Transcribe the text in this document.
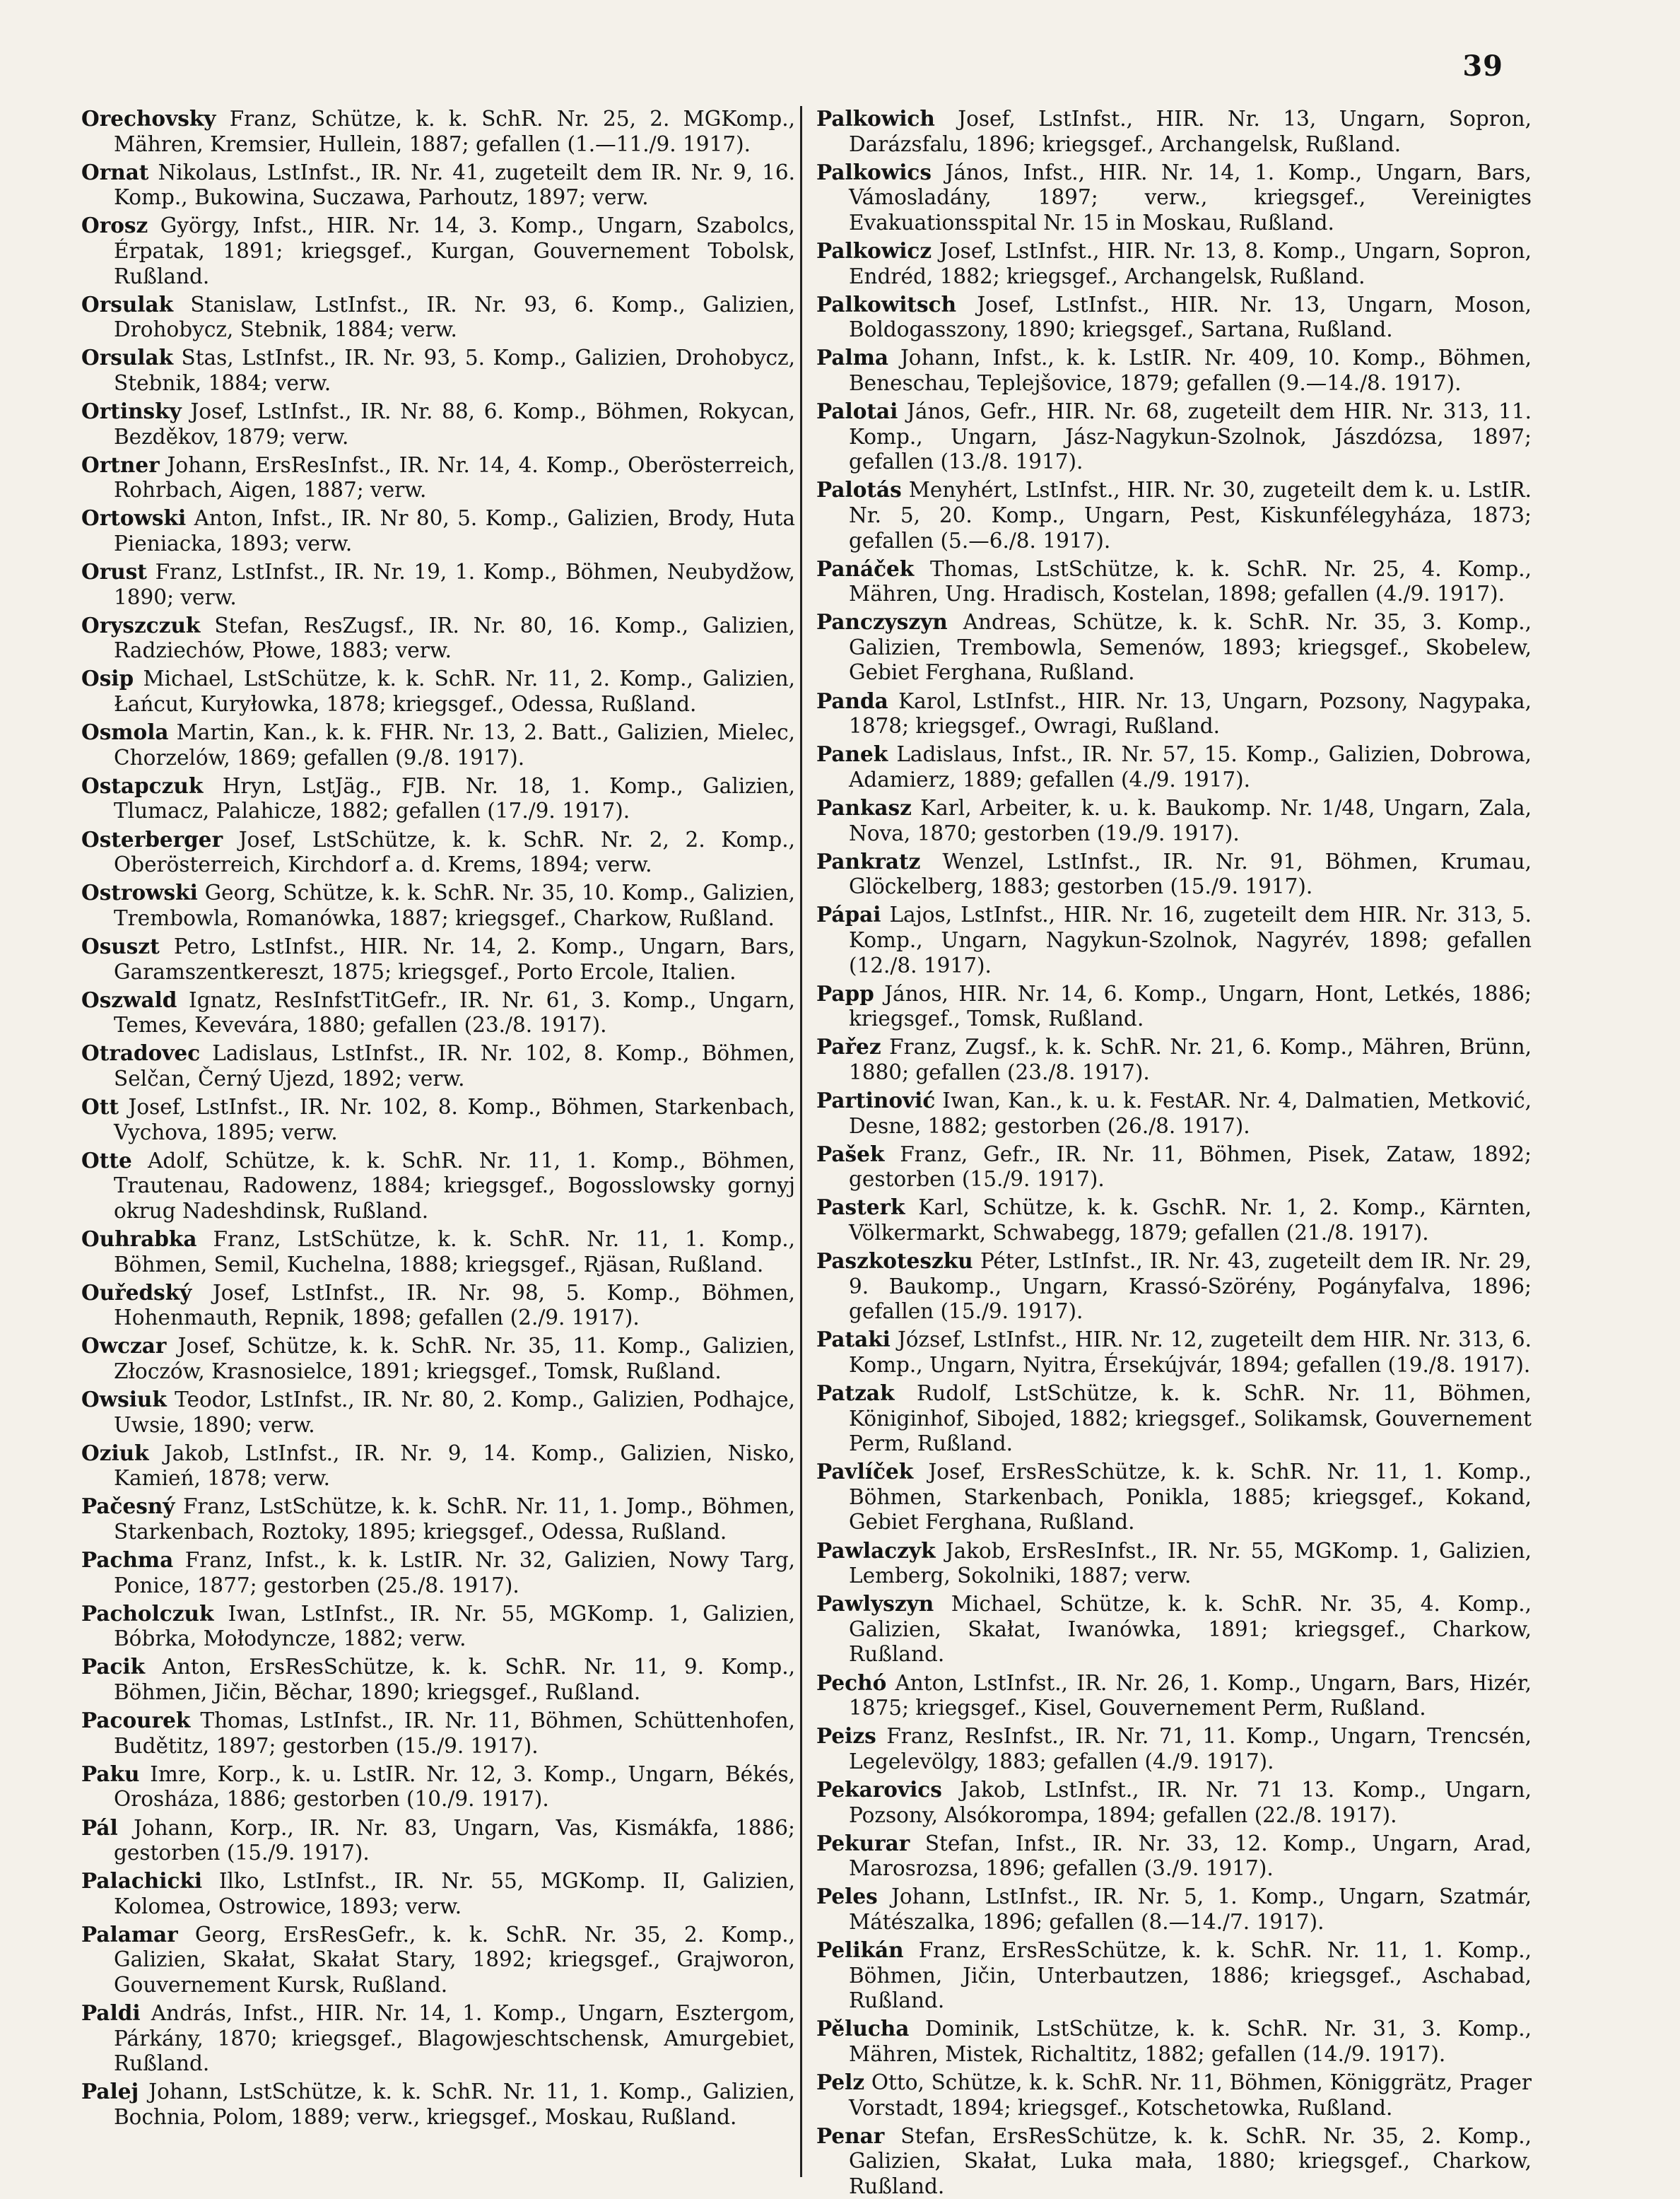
39

Orechovsky Franz, Schütze, k. k. SchR. Nr. 25, 2. MGKomp., Mähren, Kremsier, Hullein, 1887; gefallen (1.—11./9. 1917).

Ornat Nikolaus, LstInfst., IR. Nr. 41, zugeteilt dem IR. Nr. 9, 16. Komp., Bukowina, Suczawa, Parhoutz, 1897; verw.

Orosz György, Infst., HIR. Nr. 14, 3. Komp., Ungarn, Szabolcs, Érpatak, 1891; kriegsgef., Kurgan, Gouvernement Tobolsk, Rußland.

Orsulak Stanislaw, LstInfst., IR. Nr. 93, 6. Komp., Galizien, Drohobycz, Stebnik, 1884; verw.

Orsulak Stas, LstInfst., IR. Nr. 93, 5. Komp., Galizien, Drohobycz, Stebnik, 1884; verw.

Ortinsky Josef, LstInfst., IR. Nr. 88, 6. Komp., Böhmen, Rokycan, Bezděkov, 1879; verw.

Ortner Johann, ErsResInfst., IR. Nr. 14, 4. Komp., Oberösterreich, Rohrbach, Aigen, 1887; verw.

Ortowski Anton, Infst., IR. Nr 80, 5. Komp., Galizien, Brody, Huta Pieniacka, 1893; verw.

Orust Franz, LstInfst., IR. Nr. 19, 1. Komp., Böhmen, Neubydžow, 1890; verw.

Oryszczuk Stefan, ResZugsf., IR. Nr. 80, 16. Komp., Galizien, Radziechów, Płowe, 1883; verw.

Osip Michael, LstSchütze, k. k. SchR. Nr. 11, 2. Komp., Galizien, Łańcut, Kuryłowka, 1878; kriegsgef., Odessa, Rußland.

Osmola Martin, Kan., k. k. FHR. Nr. 13, 2. Batt., Galizien, Mielec, Chorzelów, 1869; gefallen (9./8. 1917).

Ostapczuk Hryn, LstJäg., FJB. Nr. 18, 1. Komp., Galizien, Tlumacz, Palahicze, 1882; gefallen (17./9. 1917).

Osterberger Josef, LstSchütze, k. k. SchR. Nr. 2, 2. Komp., Oberösterreich, Kirchdorf a. d. Krems, 1894; verw.

Ostrowski Georg, Schütze, k. k. SchR. Nr. 35, 10. Komp., Galizien, Trembowla, Romanówka, 1887; kriegsgef., Charkow, Rußland.

Osuszt Petro, LstInfst., HIR. Nr. 14, 2. Komp., Ungarn, Bars, Garamszentkereszt, 1875; kriegsgef., Porto Ercole, Italien.

Oszwald Ignatz, ResInfstTitGefr., IR. Nr. 61, 3. Komp., Ungarn, Temes, Kevevára, 1880; gefallen (23./8. 1917).

Otradovec Ladislaus, LstInfst., IR. Nr. 102, 8. Komp., Böhmen, Selčan, Černý Ujezd, 1892; verw.

Ott Josef, LstInfst., IR. Nr. 102, 8. Komp., Böhmen, Starkenbach, Vychova, 1895; verw.

Otte Adolf, Schütze, k. k. SchR. Nr. 11, 1. Komp., Böhmen, Trautenau, Radowenz, 1884; kriegsgef., Bogosslowsky gornyj okrug Nadeshdinsk, Rußland.

Ouhrabka Franz, LstSchütze, k. k. SchR. Nr. 11, 1. Komp., Böhmen, Semil, Kuchelna, 1888; kriegsgef., Rjäsan, Rußland.

Ouředský Josef, LstInfst., IR. Nr. 98, 5. Komp., Böhmen, Hohenmauth, Repnik, 1898; gefallen (2./9. 1917).

Owczar Josef, Schütze, k. k. SchR. Nr. 35, 11. Komp., Galizien, Złoczów, Krasnosielce, 1891; kriegsgef., Tomsk, Rußland.

Owsiuk Teodor, LstInfst., IR. Nr. 80, 2. Komp., Galizien, Podhajce, Uwsie, 1890; verw.

Oziuk Jakob, LstInfst., IR. Nr. 9, 14. Komp., Galizien, Nisko, Kamień, 1878; verw.

Pačesný Franz, LstSchütze, k. k. SchR. Nr. 11, 1. Jomp., Böhmen, Starkenbach, Roztoky, 1895; kriegsgef., Odessa, Rußland.

Pachma Franz, Infst., k. k. LstIR. Nr. 32, Galizien, Nowy Targ, Ponice, 1877; gestorben (25./8. 1917).

Pacholczuk Iwan, LstInfst., IR. Nr. 55, MGKomp. 1, Galizien, Bóbrka, Mołodyncze, 1882; verw.

Pacik Anton, ErsResSchütze, k. k. SchR. Nr. 11, 9. Komp., Böhmen, Jičin, Běchar, 1890; kriegsgef., Rußland.

Pacourek Thomas, LstInfst., IR. Nr. 11, Böhmen, Schüttenhofen, Budětitz, 1897; gestorben (15./9. 1917).

Paku Imre, Korp., k. u. LstIR. Nr. 12, 3. Komp., Ungarn, Békés, Orosháza, 1886; gestorben (10./9. 1917).

Pál Johann, Korp., IR. Nr. 83, Ungarn, Vas, Kismákfa, 1886; gestorben (15./9. 1917).

Palachicki Ilko, LstInfst., IR. Nr. 55, MGKomp. II, Galizien, Kolomea, Ostrowice, 1893; verw.

Palamar Georg, ErsResGefr., k. k. SchR. Nr. 35, 2. Komp., Galizien, Skałat, Skałat Stary, 1892; kriegsgef., Grajworon, Gouvernement Kursk, Rußland.

Paldi András, Infst., HIR. Nr. 14, 1. Komp., Ungarn, Esztergom, Párkány, 1870; kriegsgef., Blagowjeschtschensk, Amurgebiet, Rußland.

Palej Johann, LstSchütze, k. k. SchR. Nr. 11, 1. Komp., Galizien, Bochnia, Polom, 1889; verw., kriegsgef., Moskau, Rußland.

Palkowich Josef, LstInfst., HIR. Nr. 13, Ungarn, Sopron, Darázsfalu, 1896; kriegsgef., Archangelsk, Rußland.

Palkowics János, Infst., HIR. Nr. 14, 1. Komp., Ungarn, Bars, Vámosladány, 1897; verw., kriegsgef., Vereinigtes Evakuationsspital Nr. 15 in Moskau, Rußland.

Palkowicz Josef, LstInfst., HIR. Nr. 13, 8. Komp., Ungarn, Sopron, Endréd, 1882; kriegsgef., Archangelsk, Rußland.

Palkowitsch Josef, LstInfst., HIR. Nr. 13, Ungarn, Moson, Boldogasszony, 1890; kriegsgef., Sartana, Rußland.

Palma Johann, Infst., k. k. LstIR. Nr. 409, 10. Komp., Böhmen, Beneschau, Teplejšovice, 1879; gefallen (9.—14./8. 1917).

Palotai János, Gefr., HIR. Nr. 68, zugeteilt dem HIR. Nr. 313, 11. Komp., Ungarn, Jász-Nagykun-Szolnok, Jászdózsa, 1897; gefallen (13./8. 1917).

Palotás Menyhért, LstInfst., HIR. Nr. 30, zugeteilt dem k. u. LstIR. Nr. 5, 20. Komp., Ungarn, Pest, Kiskunfélegyháza, 1873; gefallen (5.—6./8. 1917).

Panáček Thomas, LstSchütze, k. k. SchR. Nr. 25, 4. Komp., Mähren, Ung. Hradisch, Kostelan, 1898; gefallen (4./9. 1917).

Panczyszyn Andreas, Schütze, k. k. SchR. Nr. 35, 3. Komp., Galizien, Trembowla, Semenów, 1893; kriegsgef., Skobelew, Gebiet Ferghana, Rußland.

Panda Karol, LstInfst., HIR. Nr. 13, Ungarn, Pozsony, Nagypaka, 1878; kriegsgef., Owragi, Rußland.

Panek Ladislaus, Infst., IR. Nr. 57, 15. Komp., Galizien, Dobrowa, Adamierz, 1889; gefallen (4./9. 1917).

Pankasz Karl, Arbeiter, k. u. k. Baukomp. Nr. 1/48, Ungarn, Zala, Nova, 1870; gestorben (19./9. 1917).

Pankratz Wenzel, LstInfst., IR. Nr. 91, Böhmen, Krumau, Glöckelberg, 1883; gestorben (15./9. 1917).

Pápai Lajos, LstInfst., HIR. Nr. 16, zugeteilt dem HIR. Nr. 313, 5. Komp., Ungarn, Nagykun-Szolnok, Nagyrév, 1898; gefallen (12./8. 1917).

Papp János, HIR. Nr. 14, 6. Komp., Ungarn, Hont, Letkés, 1886; kriegsgef., Tomsk, Rußland.

Pařez Franz, Zugsf., k. k. SchR. Nr. 21, 6. Komp., Mähren, Brünn, 1880; gefallen (23./8. 1917).

Partinović Iwan, Kan., k. u. k. FestAR. Nr. 4, Dalmatien, Metković, Desne, 1882; gestorben (26./8. 1917).

Pašek Franz, Gefr., IR. Nr. 11, Böhmen, Pisek, Zataw, 1892; gestorben (15./9. 1917).

Pasterk Karl, Schütze, k. k. GschR. Nr. 1, 2. Komp., Kärnten, Völkermarkt, Schwabegg, 1879; gefallen (21./8. 1917).

Paszkoteszku Péter, LstInfst., IR. Nr. 43, zugeteilt dem IR. Nr. 29, 9. Baukomp., Ungarn, Krassó-Szörény, Pogányfalva, 1896; gefallen (15./9. 1917).

Pataki József, LstInfst., HIR. Nr. 12, zugeteilt dem HIR. Nr. 313, 6. Komp., Ungarn, Nyitra, Érsekújvár, 1894; gefallen (19./8. 1917).

Patzak Rudolf, LstSchütze, k. k. SchR. Nr. 11, Böhmen, Königinhof, Sibojed, 1882; kriegsgef., Solikamsk, Gouvernement Perm, Rußland.

Pavlíček Josef, ErsResSchütze, k. k. SchR. Nr. 11, 1. Komp., Böhmen, Starkenbach, Ponikla, 1885; kriegsgef., Kokand, Gebiet Ferghana, Rußland.

Pawlaczyk Jakob, ErsResInfst., IR. Nr. 55, MGKomp. 1, Galizien, Lemberg, Sokolniki, 1887; verw.

Pawlyszyn Michael, Schütze, k. k. SchR. Nr. 35, 4. Komp., Galizien, Skałat, Iwanówka, 1891; kriegsgef., Charkow, Rußland.

Pechó Anton, LstInfst., IR. Nr. 26, 1. Komp., Ungarn, Bars, Hizér, 1875; kriegsgef., Kisel, Gouvernement Perm, Rußland.

Peizs Franz, ResInfst., IR. Nr. 71, 11. Komp., Ungarn, Trencsén, Legelevölgy, 1883; gefallen (4./9. 1917).

Pekarovics Jakob, LstInfst., IR. Nr. 71 13. Komp., Ungarn, Pozsony, Alsókorompa, 1894; gefallen (22./8. 1917).

Pekurar Stefan, Infst., IR. Nr. 33, 12. Komp., Ungarn, Arad, Marosrozsa, 1896; gefallen (3./9. 1917).

Peles Johann, LstInfst., IR. Nr. 5, 1. Komp., Ungarn, Szatmár, Mátészalka, 1896; gefallen (8.—14./7. 1917).

Pelikán Franz, ErsResSchütze, k. k. SchR. Nr. 11, 1. Komp., Böhmen, Jičin, Unterbautzen, 1886; kriegsgef., Aschabad, Rußland.

Pělucha Dominik, LstSchütze, k. k. SchR. Nr. 31, 3. Komp., Mähren, Mistek, Richaltitz, 1882; gefallen (14./9. 1917).

Pelz Otto, Schütze, k. k. SchR. Nr. 11, Böhmen, Königgrätz, Prager Vorstadt, 1894; kriegsgef., Kotschetowka, Rußland.

Penar Stefan, ErsResSchütze, k. k. SchR. Nr. 35, 2. Komp., Galizien, Skałat, Luka mała, 1880; kriegsgef., Charkow, Rußland.
